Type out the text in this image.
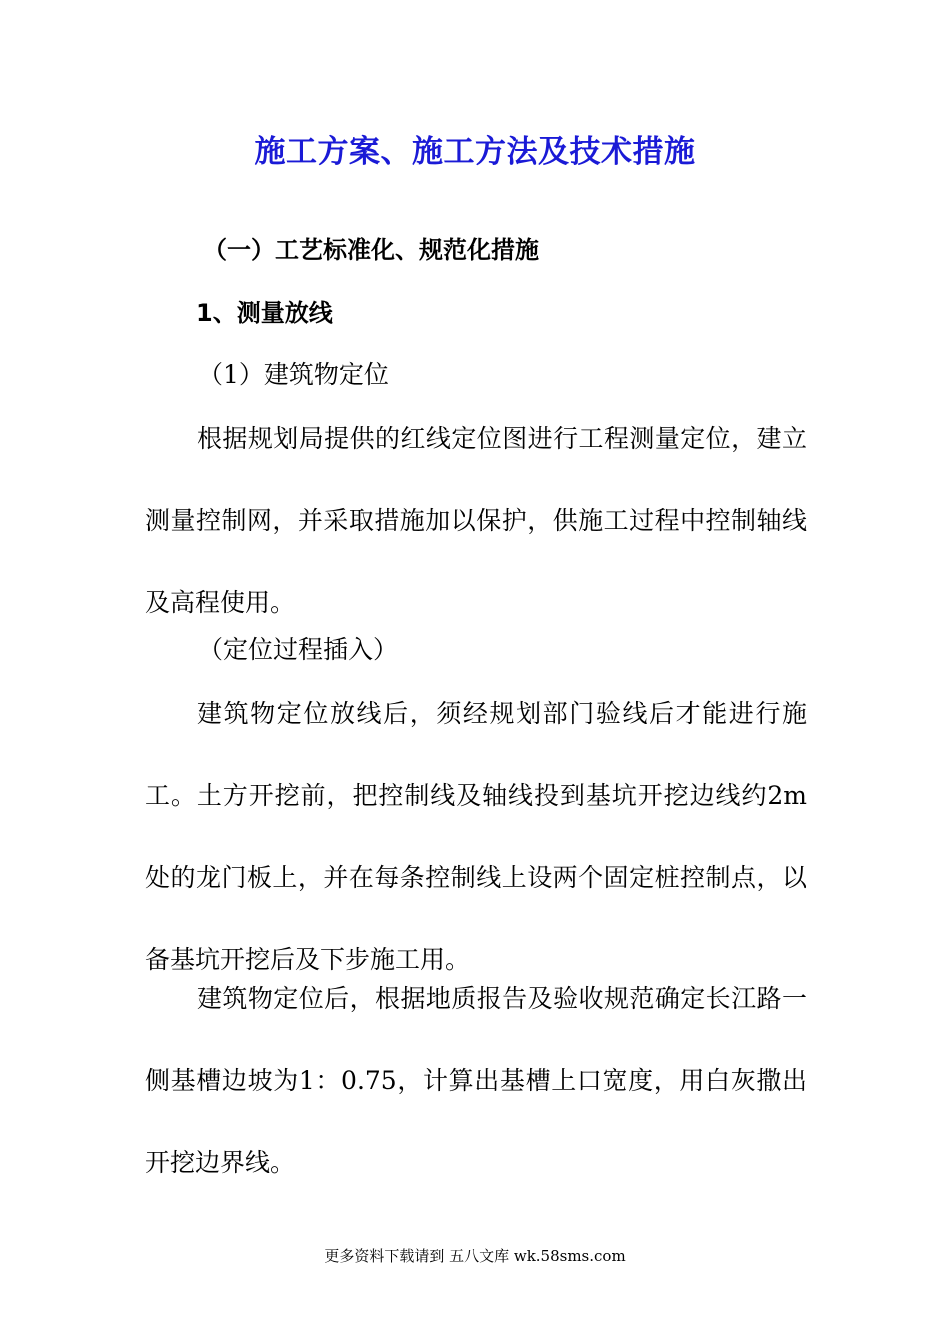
施工方案、施工方法及技术措施
（一）工艺标准化、规范化措施
1、测量放线
（1）建筑物定位
根据规划局提供的红线定位图进行工程测量定位，建立测量控制网，并采取措施加以保护，供施工过程中控制轴线及高程使用。
（定位过程插入）
建筑物定位放线后，须经规划部门验线后才能进行施工。土方开挖前，把控制线及轴线投到基坑开挖边线约2m处的龙门板上，并在每条控制线上设两个固定桩控制点，以备基坑开挖后及下步施工用。
建筑物定位后，根据地质报告及验收规范确定长江路一侧基槽边坡为1：0.75，计算出基槽上口宽度，用白灰撒出开挖边界线。
更多资料下载请到 五八文库 wk.58sms.com
